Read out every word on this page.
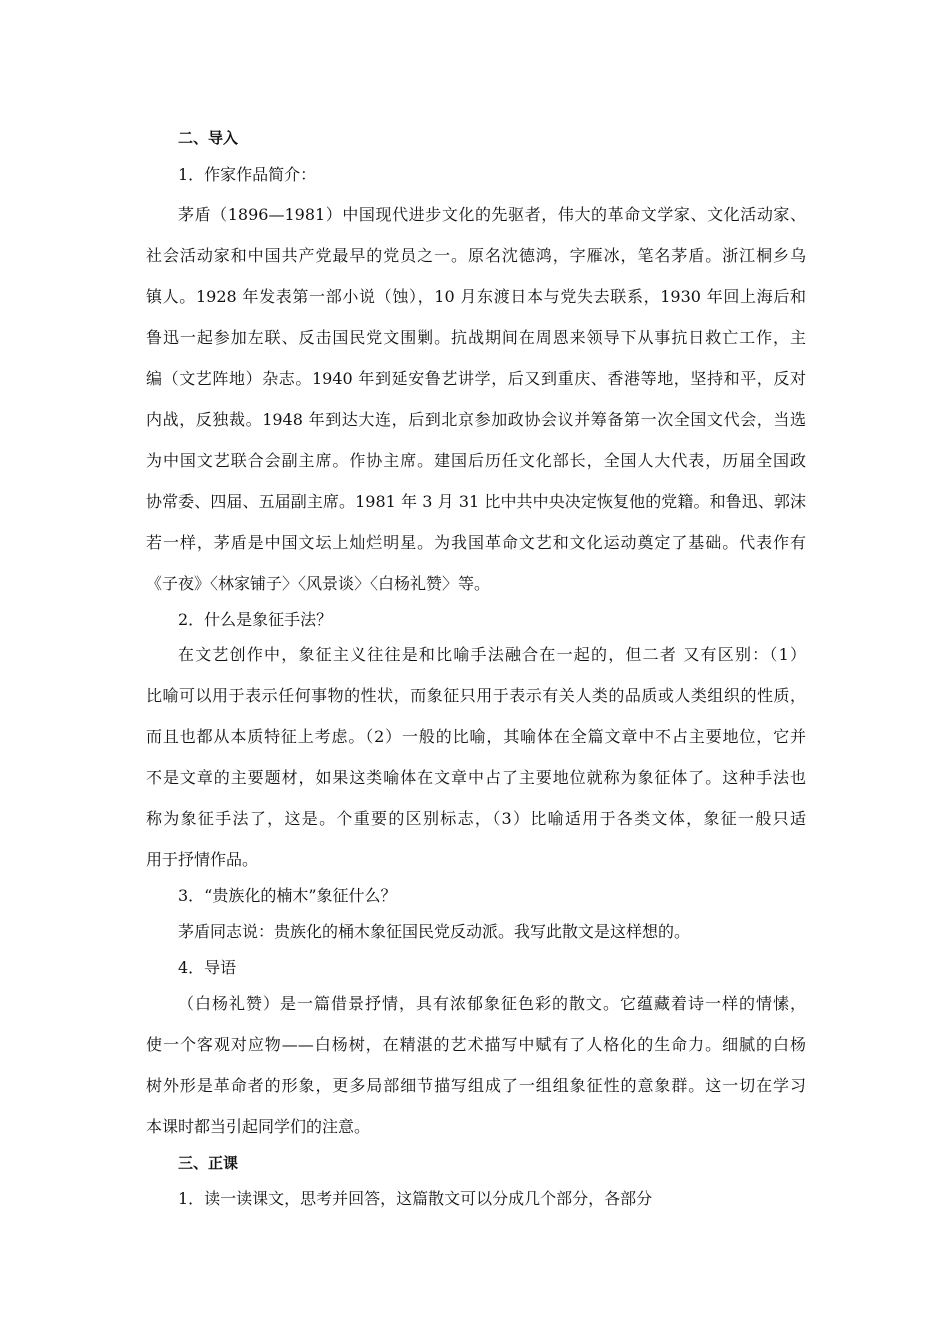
二、导入
1．作家作品简介：
茅盾（1896—1981）中国现代进步文化的先驱者，伟大的革命文学家、文化活动家、
社会活动家和中国共产党最早的党员之一。原名沈德鸿，字雁冰，笔名茅盾。浙江桐乡乌
镇人。1928 年发表第一部小说（蚀），10 月东渡日本与党失去联系，1930 年回上海后和
鲁迅一起参加左联、反击国民党文围剿。抗战期间在周恩来领导下从事抗日救亡工作，主
编（文艺阵地）杂志。1940 年到延安鲁艺讲学，后又到重庆、香港等地，坚持和平，反对
内战，反独裁。1948 年到达大连，后到北京参加政协会议并筹备第一次全国文代会，当选
为中国文艺联合会副主席。作协主席。建国后历任文化部长，全国人大代表，历届全国政
协常委、四届、五届副主席。1981 年 3 月 31 比中共中央决定恢复他的党籍。和鲁迅、郭沫
若一样，茅盾是中国文坛上灿烂明星。为我国革命文艺和文化运动奠定了基础。代表作有
《子夜》〈林家铺子〉〈风景谈〉〈白杨礼赞〉等。
2．什么是象征手法？
在文艺创作中，象征主义往往是和比喻手法融合在一起的，但二者 又有区别：（1）
比喻可以用于表示任何事物的性状，而象征只用于表示有关人类的品质或人类组织的性质，
而且也都从本质特征上考虑。（2）一般的比喻，其喻体在全篇文章中不占主要地位，它并
不是文章的主要题材，如果这类喻体在文章中占了主要地位就称为象征体了。这种手法也
称为象征手法了，这是。个重要的区别标志，（3）比喻适用于各类文体，象征一般只适
用于抒情作品。
3．“贵族化的楠木”象征什么？
茅盾同志说：贵族化的桶木象征国民党反动派。我写此散文是这样想的。
4．导语
（白杨礼赞）是一篇借景抒情，具有浓郁象征色彩的散文。它蕴藏着诗一样的情愫，
使一个客观对应物——白杨树，在精湛的艺术描写中赋有了人格化的生命力。细腻的白杨
树外形是革命者的形象，更多局部细节描写组成了一组组象征性的意象群。这一切在学习
本课时都当引起同学们的注意。
三、正课
1．读一读课文，思考并回答，这篇散文可以分成几个部分，各部分
